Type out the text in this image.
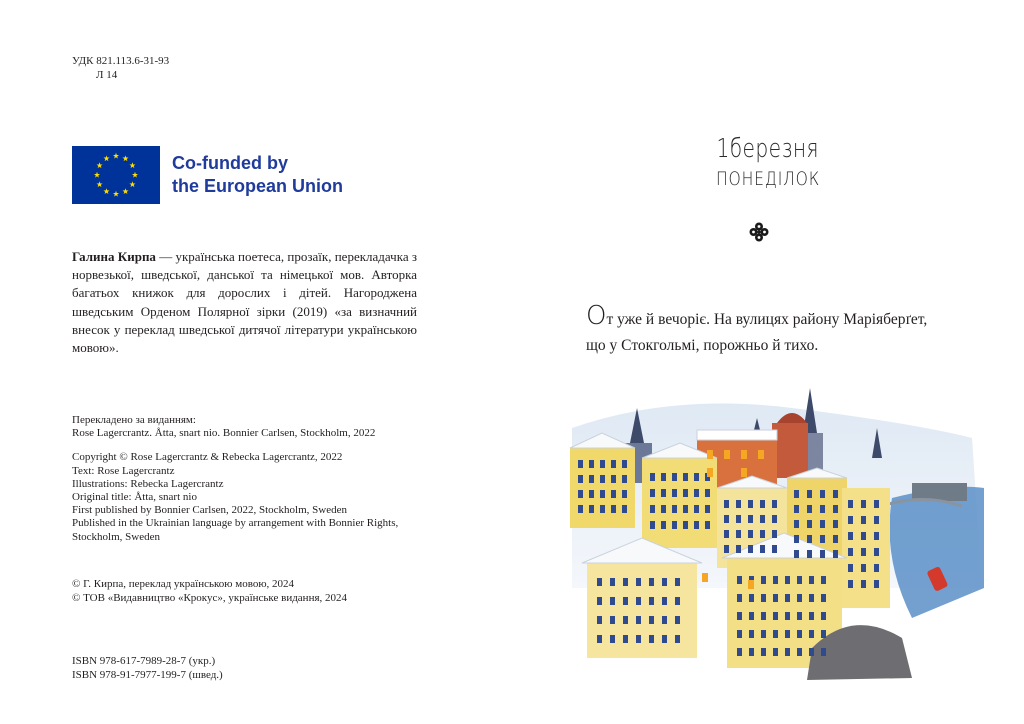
УДК 821.113.6-31-93
Л 14
Co-funded by
the European Union
Галина Кирпа — українська поетеса, прозаїк, перекладачка з норвезької, шведської, данської та німецької мов. Авторка багатьох книжок для дорослих і дітей. Нагороджена шведським Орденом Полярної зірки (2019) «за визначний внесок у переклад шведської дитячої літератури українською мовою».
Перекладено за виданням:
Rose Lagercrantz. Åtta, snart nio. Bonnier Carlsen, Stockholm, 2022
Copyright © Rose Lagercrantz & Rebecka Lagercrantz, 2022
Text: Rose Lagercrantz
Illustrations: Rebecka Lagercrantz
Original title: Åtta, snart nio
First published by Bonnier Carlsen, 2022, Stockholm, Sweden
Published in the Ukrainian language by arrangement with Bonnier Rights,
Stockholm, Sweden
© Г. Кирпа, переклад українською мовою, 2024
© ТОВ «Видавництво «Крокус», українське видання, 2024
ISBN 978-617-7989-28-7 (укр.)
ISBN 978-91-7977-199-7 (швед.)
1березня
ПОНЕДІЛОК
От уже й вечоріє. На вулицях району Маріяберґет,
що у Стокгольмі, порожньо й тихо.
